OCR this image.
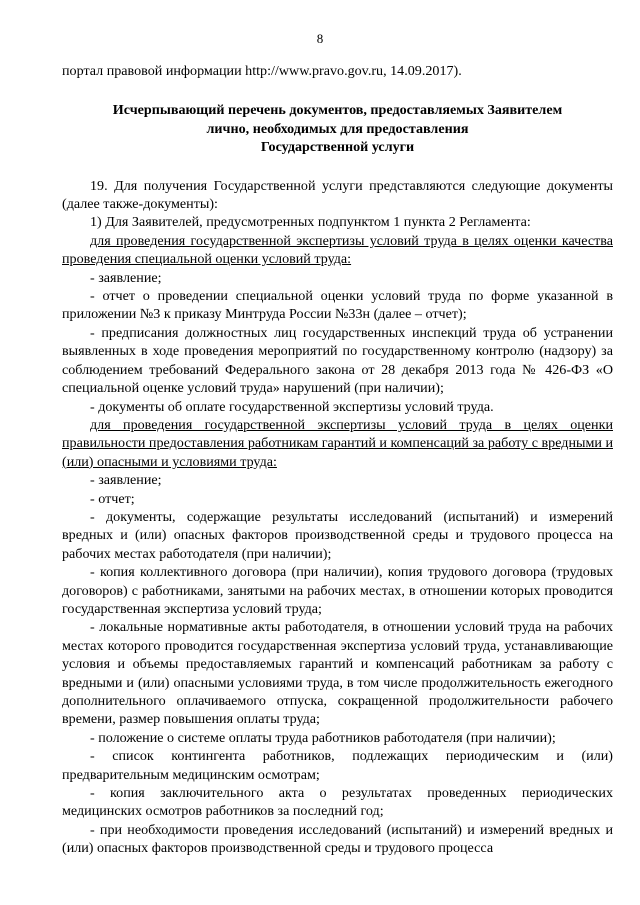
8

портал правовой информации http://www.pravo.gov.ru, 14.09.2017).

Исчерпывающий перечень документов, предоставляемых Заявителем
лично, необходимых для предоставления
Государственной услуги

19. Для получения Государственной услуги представляются следующие документы (далее также-документы):

1) Для Заявителей, предусмотренных подпунктом 1 пункта 2 Регламента:

для проведения государственной экспертизы условий труда в целях оценки качества проведения специальной оценки условий труда:

- заявление;

- отчет о проведении специальной оценки условий труда по форме указанной в приложении №3 к приказу Минтруда России №33н (далее – отчет);

- предписания должностных лиц государственных инспекций труда об устранении выявленных в ходе проведения мероприятий по государственному контролю (надзору) за соблюдением требований Федерального закона от 28 декабря 2013 года № 426-ФЗ «О специальной оценке условий труда» нарушений (при наличии);

- документы об оплате государственной экспертизы условий труда.

для проведения государственной экспертизы условий труда в целях оценки правильности предоставления работникам гарантий и компенсаций за работу с вредными и (или) опасными и условиями труда:

- заявление;

- отчет;

- документы, содержащие результаты исследований (испытаний) и измерений вредных и (или) опасных факторов производственной среды и трудового процесса на рабочих местах работодателя (при наличии);

- копия коллективного договора (при наличии), копия трудового договора (трудовых договоров) с работниками, занятыми на рабочих местах, в отношении которых проводится государственная экспертиза условий труда;

- локальные нормативные акты работодателя, в отношении условий труда на рабочих местах которого проводится государственная экспертиза условий труда, устанавливающие условия и объемы предоставляемых гарантий и компенсаций работникам за работу с вредными и (или) опасными условиями труда, в том числе продолжительность ежегодного дополнительного оплачиваемого отпуска, сокращенной продолжительности рабочего времени, размер повышения оплаты труда;

- положение о системе оплаты труда работников работодателя (при наличии);

- список контингента работников, подлежащих периодическим и (или) предварительным медицинским осмотрам;

- копия заключительного акта о результатах проведенных периодических медицинских осмотров работников за последний год;

- при необходимости проведения исследований (испытаний) и измерений вредных и (или) опасных факторов производственной среды и трудового процесса
